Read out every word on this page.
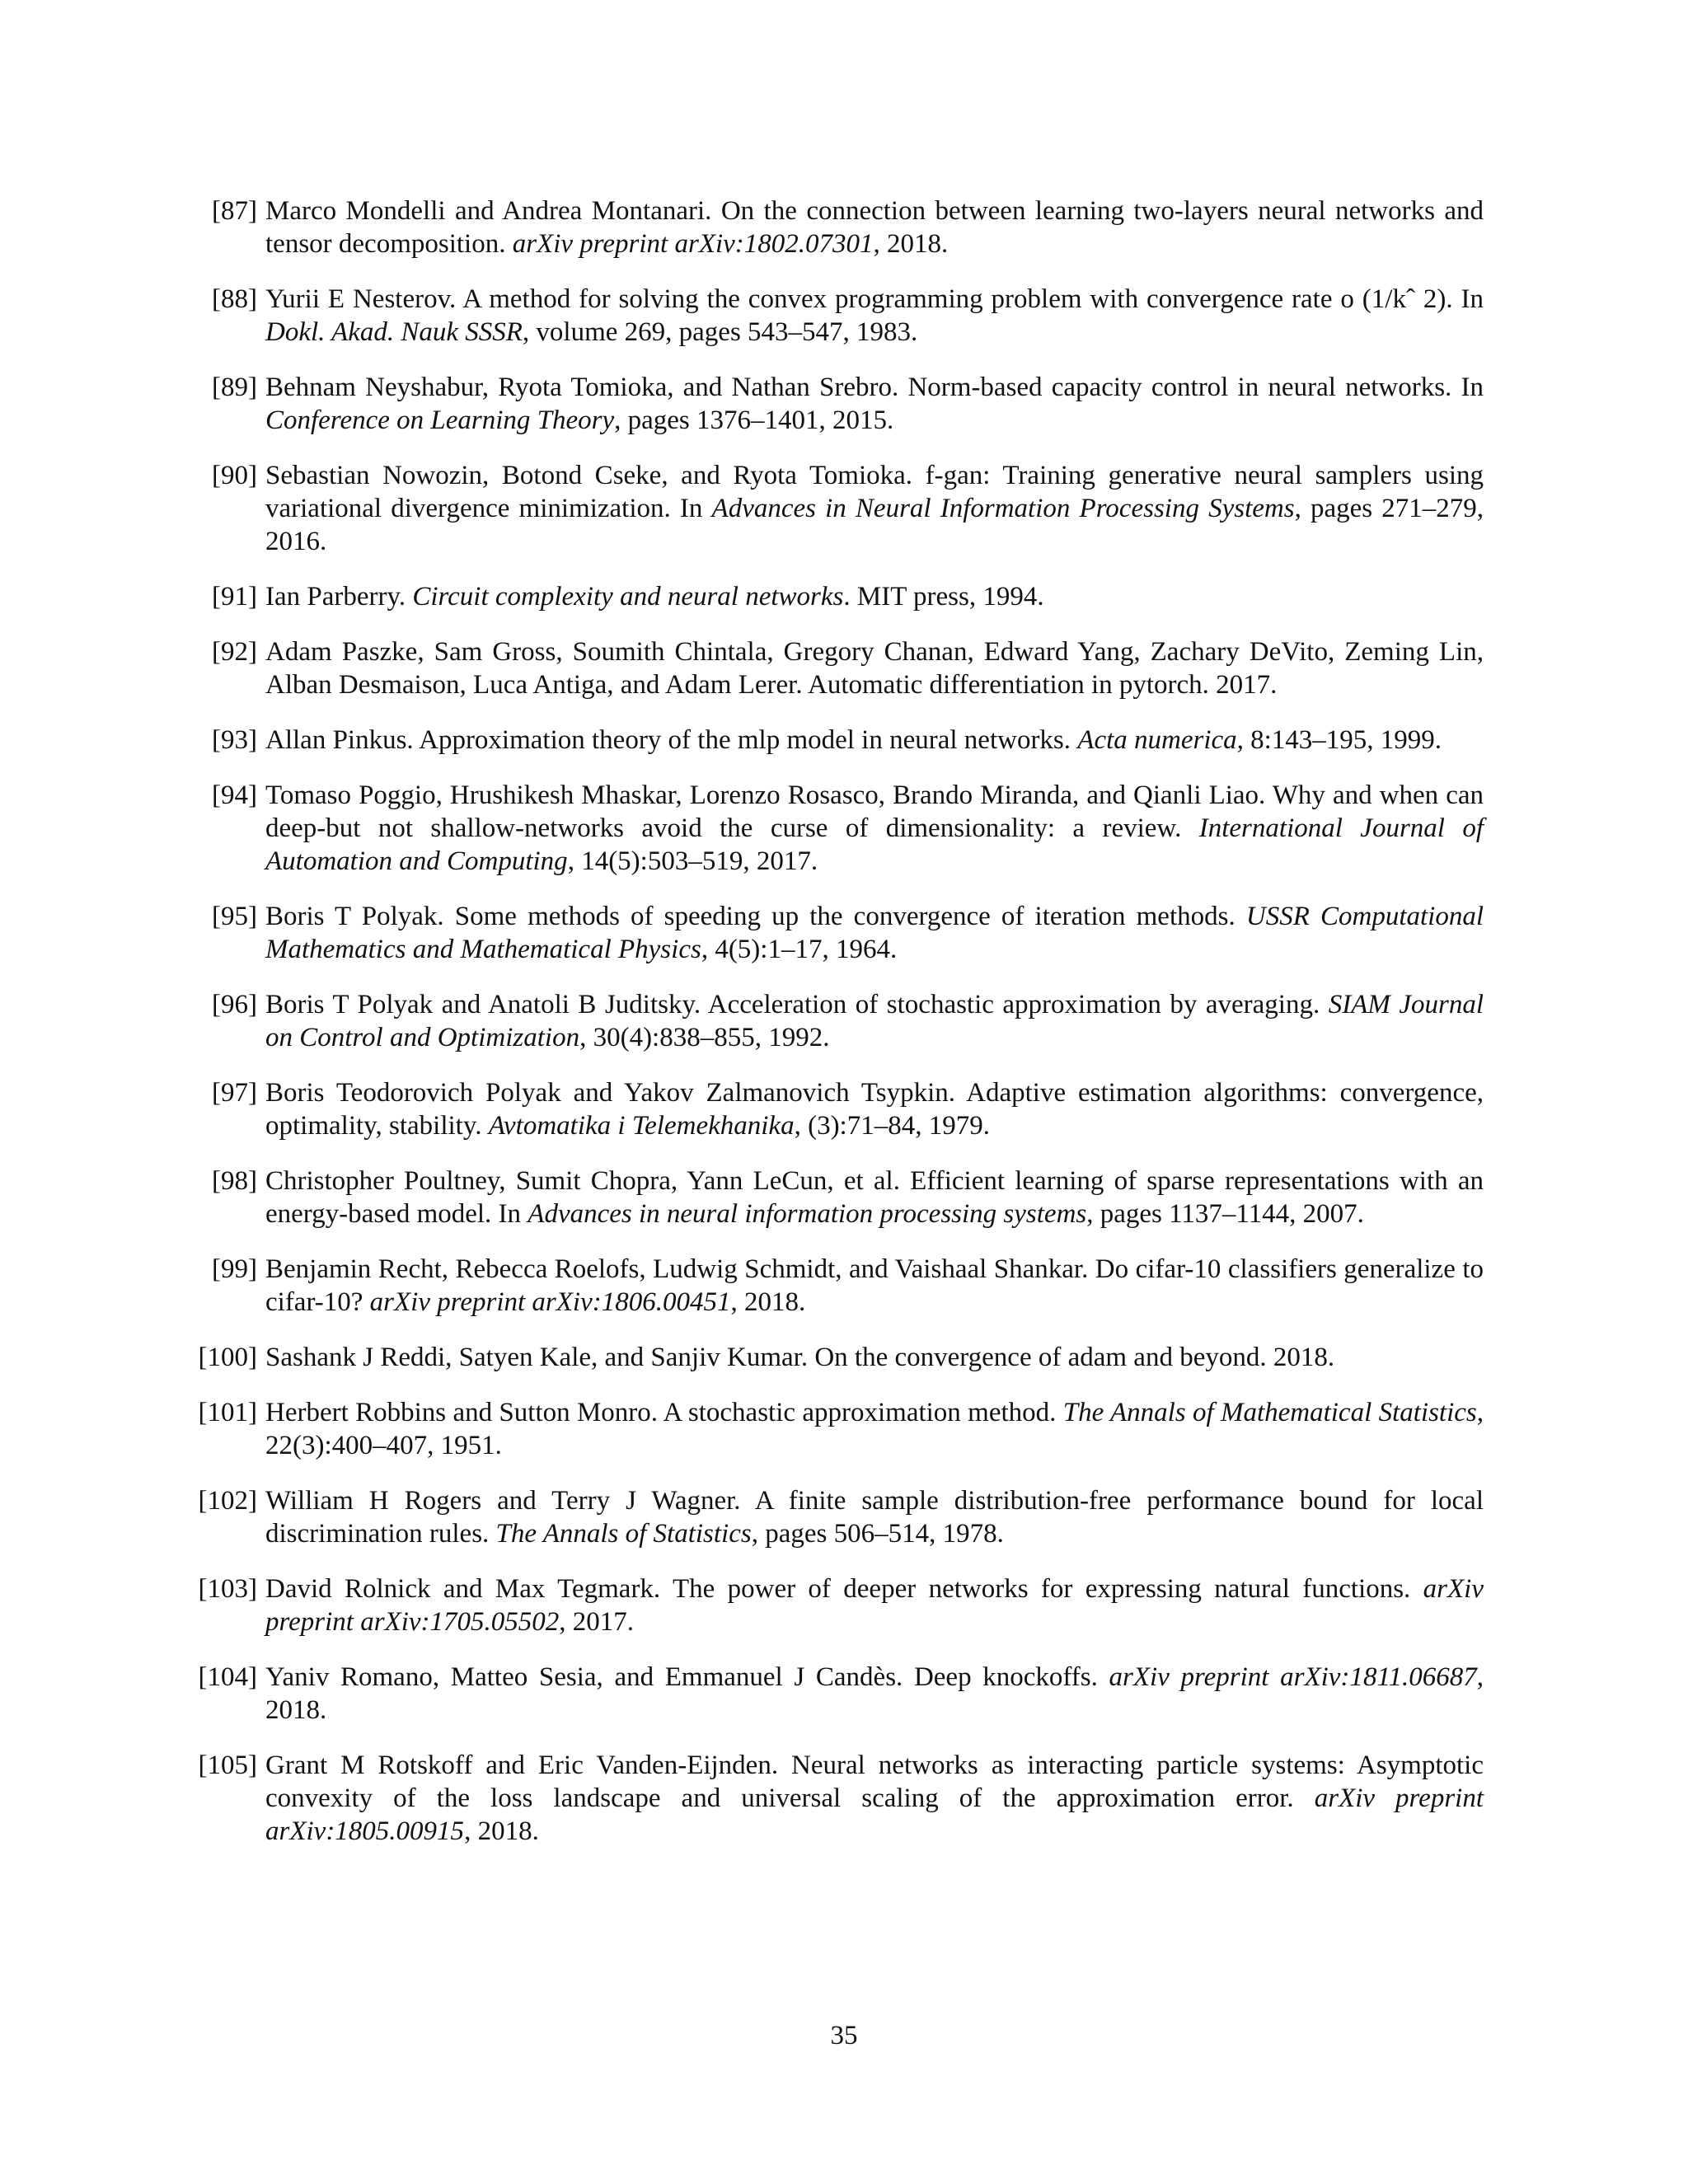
[87] Marco Mondelli and Andrea Montanari. On the connection between learning two-layers neural networks and tensor decomposition. arXiv preprint arXiv:1802.07301, 2018.
[88] Yurii E Nesterov. A method for solving the convex programming problem with convergence rate o (1/kˆ 2). In Dokl. Akad. Nauk SSSR, volume 269, pages 543–547, 1983.
[89] Behnam Neyshabur, Ryota Tomioka, and Nathan Srebro. Norm-based capacity control in neural networks. In Conference on Learning Theory, pages 1376–1401, 2015.
[90] Sebastian Nowozin, Botond Cseke, and Ryota Tomioka. f-gan: Training generative neural samplers using variational divergence minimization. In Advances in Neural Information Processing Systems, pages 271–279, 2016.
[91] Ian Parberry. Circuit complexity and neural networks. MIT press, 1994.
[92] Adam Paszke, Sam Gross, Soumith Chintala, Gregory Chanan, Edward Yang, Zachary DeVito, Zeming Lin, Alban Desmaison, Luca Antiga, and Adam Lerer. Automatic differentiation in pytorch. 2017.
[93] Allan Pinkus. Approximation theory of the mlp model in neural networks. Acta numerica, 8:143–195, 1999.
[94] Tomaso Poggio, Hrushikesh Mhaskar, Lorenzo Rosasco, Brando Miranda, and Qianli Liao. Why and when can deep-but not shallow-networks avoid the curse of dimensionality: a review. International Journal of Automation and Computing, 14(5):503–519, 2017.
[95] Boris T Polyak. Some methods of speeding up the convergence of iteration methods. USSR Computational Mathematics and Mathematical Physics, 4(5):1–17, 1964.
[96] Boris T Polyak and Anatoli B Juditsky. Acceleration of stochastic approximation by averaging. SIAM Journal on Control and Optimization, 30(4):838–855, 1992.
[97] Boris Teodorovich Polyak and Yakov Zalmanovich Tsypkin. Adaptive estimation algorithms: convergence, optimality, stability. Avtomatika i Telemekhanika, (3):71–84, 1979.
[98] Christopher Poultney, Sumit Chopra, Yann LeCun, et al. Efficient learning of sparse representations with an energy-based model. In Advances in neural information processing systems, pages 1137–1144, 2007.
[99] Benjamin Recht, Rebecca Roelofs, Ludwig Schmidt, and Vaishaal Shankar. Do cifar-10 classifiers generalize to cifar-10? arXiv preprint arXiv:1806.00451, 2018.
[100] Sashank J Reddi, Satyen Kale, and Sanjiv Kumar. On the convergence of adam and beyond. 2018.
[101] Herbert Robbins and Sutton Monro. A stochastic approximation method. The Annals of Mathematical Statistics, 22(3):400–407, 1951.
[102] William H Rogers and Terry J Wagner. A finite sample distribution-free performance bound for local discrimination rules. The Annals of Statistics, pages 506–514, 1978.
[103] David Rolnick and Max Tegmark. The power of deeper networks for expressing natural functions. arXiv preprint arXiv:1705.05502, 2017.
[104] Yaniv Romano, Matteo Sesia, and Emmanuel J Candès. Deep knockoffs. arXiv preprint arXiv:1811.06687, 2018.
[105] Grant M Rotskoff and Eric Vanden-Eijnden. Neural networks as interacting particle systems: Asymptotic convexity of the loss landscape and universal scaling of the approximation error. arXiv preprint arXiv:1805.00915, 2018.
35
